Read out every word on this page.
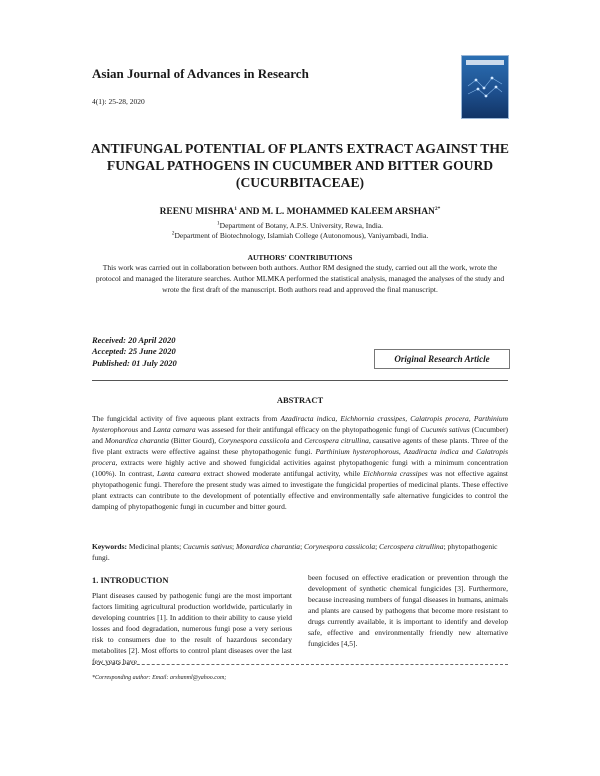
Asian Journal of Advances in Research
4(1): 25-28, 2020
ANTIFUNGAL POTENTIAL OF PLANTS EXTRACT AGAINST THE FUNGAL PATHOGENS IN CUCUMBER AND BITTER GOURD (CUCURBITACEAE)
REENU MISHRA$^1$ AND M. L. MOHAMMED KALEEM $ARSHAN^{2*}$
$^1$Department of Botany, A.P.S. University, Rewa, India.
$^2$Department of Biotechnology, Islamiah College (Autonomous), Vaniyambadi, India.
AUTHORS' CONTRIBUTIONS
This work was carried out in collaboration between both authors. Author RM designed the study, carried out all the work, wrote the protocol and managed the literature searches. Author MLMKA performed the statistical analysis, managed the analyses of the study and wrote the first draft of the manuscript. Both authors read and approved the final manuscript.
Received: 20 April 2020
Accepted: 25 June 2020
Published: 01 July 2020	Original Research Article
ABSTRACT
The fungicidal activity of five aqueous plant extracts from Azadiracta indica, Eichhornia crassipes, Calatropis procera, Parthinium hysterophorous and Lanta camara was assesed for their antifungal efficacy on the phytopathogenic fungi of Cucumis sativus (Cucumber) and Monardica charantia (Bitter Gourd), Corynespora cassiicola and Cercospera citrullina, causative agents of these plants. Three of the five plant extracts were effective against these phytopathogenic fungi. Parthinium hysterophorous, Azadiracta indica and Calatropis procera, extracts were highly active and showed fungicidal activities against phytopathogenic fungi with a minimum concentration (100%). In contrast, Lanta camara extract showed moderate antifungal activity, while Eichhornia crassipes was not effective against phytopathogenic fungi. Therefore the present study was aimed to investigate the fungicidal properties of medicinal plants. These effective plant extracts can contribute to the development of potentially effective and environmentally safe alternative fungicides to control the damping of phytopathogenic fungi in cucumber and bitter gourd.
Keywords: Medicinal plants; Cucumis sativus; Monardica charantia; Corynespora cassiicola; Cercospera citrullina; phytopathogenic fungi.
1. INTRODUCTION
Plant diseases caused by pathogenic fungi are the most important factors limiting agricultural production worldwide, particularly in developing countries [1]. In addition to their ability to cause yield losses and food degradation, numerous fungi pose a very serious risk to consumers due to the result of hazardous secondary metabolites [2]. Most efforts to control plant diseases over the last few years have
been focused on effective eradication or prevention through the development of synthetic chemical fungicides [3]. Furthermore, because increasing numbers of fungal diseases in humans, animals and plants are caused by pathogens that become more resistant to drugs currently available, it is important to identify and develop safe, effective and environmentally friendly new alternative fungicides [4,5].
*Corresponding author: Email: arshanml@yahoo.com;
